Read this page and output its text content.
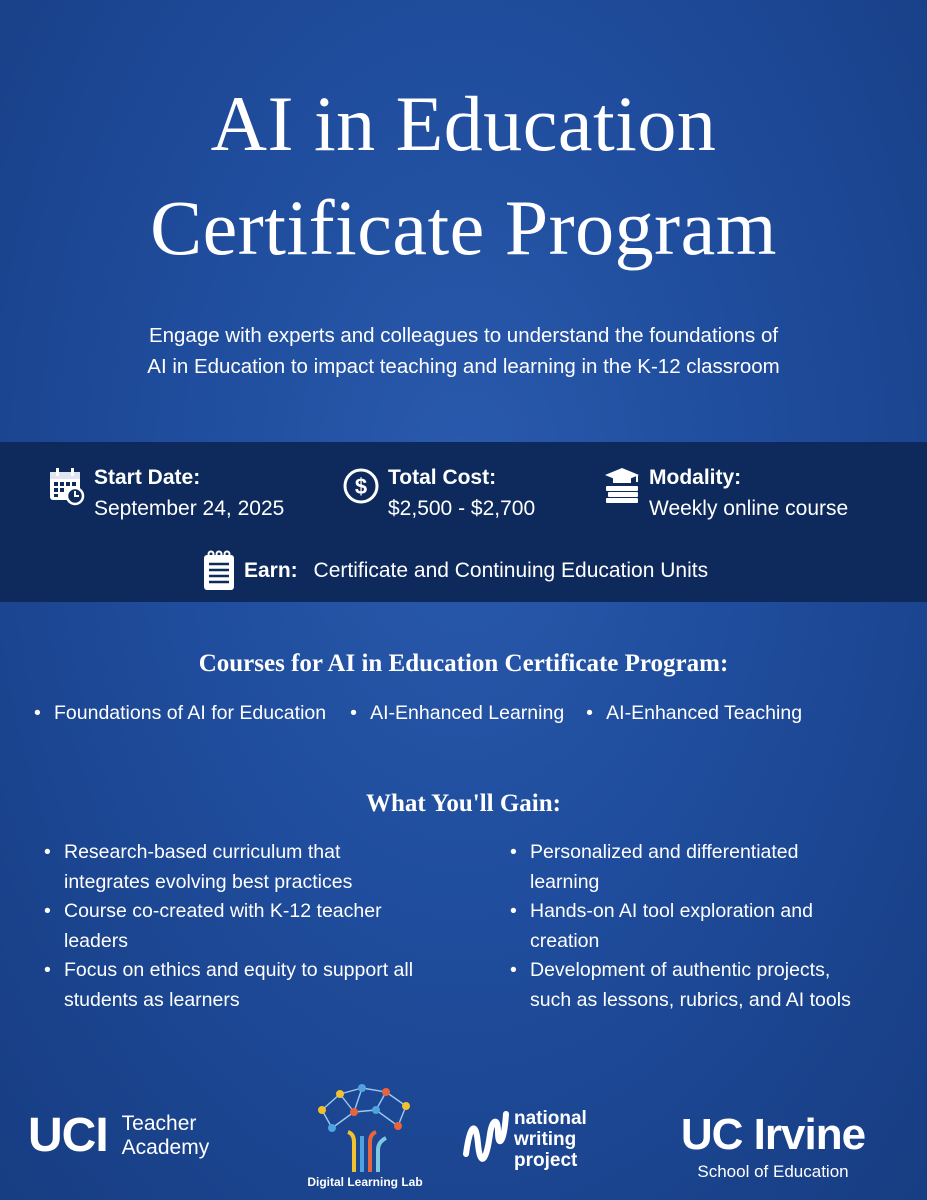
AI in Education
Certificate Program
Engage with experts and colleagues to understand the foundations of
AI in Education to impact teaching and learning in the K-12 classroom
Start Date:
September 24, 2025
$ Total Cost:
$2,500 - $2,700
Modality:
Weekly online course
Earn: Certificate and Continuing Education Units
Courses for AI in Education Certificate Program:
• Foundations of AI for Education	• AI-Enhanced Learning	• AI-Enhanced Teaching
What You'll Gain:
• Research-based curriculum that
integrates evolving best practices
• Course co-created with K-12 teacher
leaders
• Focus on ethics and equity to support all
students as learners
• Personalized and differentiated
learning
• Hands-on AI tool exploration and
creation
• Development of authentic projects,
such as lessons, rubrics, and AI tools
UCI Teacher
Academy
Digital Learning Lab
national
writing
project
UC Irvine
School of Education
